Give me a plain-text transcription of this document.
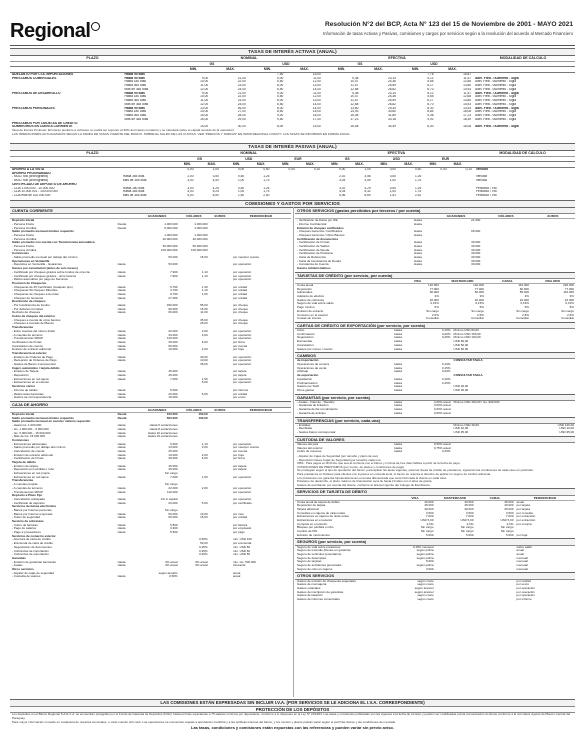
Regional	Resolución N°2 del BCP, Acta N° 123 del 15 de Noviembre de 2001 - MAYO 2021
Información de tasas Activas y Pasivas, comisiones y cargos por servicios según a la resolución del acuerdo al Mercado Financiero
TASAS DE INTERÉS ACTIVAS (ANUAL)
PLAZO	NOMINAL	EFECTIVA	MODALIDAD DE CÁLCULO
GS	USD	GS	USD
MIN.	MAX.	MIN.	MAX.	MIN.	MAX.	MIN.	MAX.
ADELANTO POR CTA. IMPORTACIONES	Hasta 90 días	7,50	15,00	7,76	15,87
PRÉSTAMOS COMERCIALES	Hasta 90 días	9,00	21,00	5,00	11,00	9,38	23,14	5,12	11,57	Adel. Flexi. / Aumento - Sigla
Hasta 180 días	10,00	22,00	5,50	12,00	10,47	24,36	5,65	12,68	Adel. Flexi. / Aumento - Sigla
Hasta 365 días	11,00	23,00	6,00	13,00	11,57	25,59	6,17	13,80	Adel. Flexi. / Aumento - Sigla
Más de 365 días	12,00	24,00	6,50	14,00	12,68	26,82	6,70	14,93	Adel. Flexi. / Aumento - Sigla
PRÉSTAMOS DE DESARROLLO	Hasta 90 días	9,00	21,00	5,00	11,00	9,38	23,14	5,12	11,57	Adel. Flexi. / Aumento - Sigla
Hasta 180 días	10,00	22,00	5,50	12,00	10,47	24,36	5,65	12,68	Adel. Flexi. / Aumento - Sigla
Hasta 365 días	11,00	23,00	6,00	13,00	11,57	25,59	6,17	13,80	Adel. Flexi. / Aumento - Sigla
Más de 365 días	12,00	24,00	6,50	14,00	12,68	26,82	6,70	14,93	Adel. Flexi. / Aumento - Sigla
PRÉSTAMOS PERSONALES	Hasta 90 días	13,00	26,00	8,00	14,00	13,80	29,34	8,30	14,93	Adel. Flexi. / Aumento - Sigla
Hasta 180 días	14,00	27,00	8,50	15,00	14,93	30,60	8,84	16,08	Adel. Flexi. / Aumento - Sigla
Hasta 365 días	15,00	28,00	9,00	16,00	16,08	31,89	9,38	17,23	Adel. Flexi. / Aumento - Sigla
Más de 365 días	16,00	29,00	9,50	17,00	17,23	33,18	9,92	18,39	Adel. Flexi. / Aumento - Sigla
PRÉSTAMOS POR TARJETAS DE CRÉDITO
SOBREGIROS EN CUENTA CORRIENTE	15,00	30,00	8,00	15,00	16,08	34,49	8,30	16,08	Adel. Flexi. / Aumento - Sigla
Tasa de Interés Punitorio: El interés punitorio a cobrarse no podrá ser superior al 30% del interés moratorio y se calculará sobre el capital vencido de la operación.
LAS OPERACIONES ACTUALIZADAS SEGÚN LA TARIFA DE TASAS VIGENTE DEL BANCO. SOBRE EL SALDO DE LAS CUOTAS. VER "PRECIOS Y TARIFAS" EN WWW.REGIONAL.COM.PY. LAS TASAS SE INFORMAN EN FORMA ANUAL.
TASAS DE INTERÉS PASIVAS (ANUAL)
PLAZO	NOMINAL	EFECTIVA	MODALIDAD DE CÁLCULO
GS	USD	EUR	GS	USD	EUR
MIN.	MAX.	MIN.	MAX.	MIN.	MAX.	MIN.	MAX.	MIN.	MAX.	MIN.	MAX.
AHORRO A LA VISTA	0,00	1,00	0,00	0,50	0,00	0,10	0,00	1,00	0,00	0,50	0,00	0,10	Vencido
AHORRO PROGRAMADO
- MOD. MB (cronograma)	Hasta 365 días	2,00	3,50	0,50	1,25	2,02	3,56	0,50	1,26	Vencido
- MOD. MB (cronograma)	Más de 365 días	3,00	4,50	1,00	1,75	3,04	4,59	1,00	1,76	Vencido
CERTIFICADO DE DEPÓSITO DE AHORRO
- CDA 1.000.000 - 10.000.000	Hasta 180 días	3,00	4,25	0,50	1,25	3,02	4,29	0,50	1,26	Periódico / Vto.
- CDA 10.000.001 - 100.000.000	Hasta 365 días	4,00	5,25	1,00	1,75	4,04	5,32	1,00	1,76	Periódico / Vto.
- CDA más de 100.000.000	Más de 365 días	5,00	6,50	1,50	2,50	5,06	6,60	1,51	2,52	Periódico / Vto.
COMISIONES Y GASTOS POR SERVICIOS
CUENTA CORRIENTE
GUARANIES	DÓLARES	EUROS	PERIODICIDAD
Depósito Inicial
- Persona Física	Desde	1.000.000	1.000.000
- Persona Jurídica	Desde	5.000.000	1.000.000
Saldo promedio mensual mínimo requerido
- Persona Física	1.000.000	1.000.000
- Persona Jurídica	20.000.000	20.000.000
Saldo promedio con cuenta con Transferencia automática
- Persona Física	50.000.000	50.000.000
- Persona Jurídica	100.000.000	100.000.000
Comisiones
- Saldo promedio mensual por debajo del mínimo	50.000	15,00	por mes/por cuenta
Operaciones en Ventanilla
- Depósitos en Ventanilla - Guaraníes	Hasta	50.000	por operación
Gastos por cancelación (antes de seis meses)
- Certificado por cheques girados sobre fondos de otra cta.	Hasta	7.900	1,10	por operación
- Certificado por cheques girados - otros bancos	Hasta	7.900	1,10	por operación
- Débito automático por pago de Servicios	por operación
Provisión de Chequeras
- Chequeras de 25 Certificado (cualquier tipo)	Hasta	5.790	1,30	por unidad
- Chequeras 50 cheques Diferidos	Hasta	4.790	1,10	por unidad
- Chequeras de cheques a la orden	Hasta	9.790	1,50	por unidad
- Cheques de Gerencia	Hasta	27.000	por unidad
Devolución de cheques
- Por Insuficiencia de fondos	Hasta	330.000	55,00	por cheque
- Por defectos formales	Hasta	90.000	15,00	por cheque
Rechazo de cheques	Hasta	66.000	11,00	por cheque
Cobro de cheques del exterior
- Cheques a cuenta de otros bancos	35,00	por cheque
- Cheques a cuentas del Banco	25,00	por cheque
Transferencias
- Entre cuentas del mismo titular	Hasta	22.000	2,00	por operación
- A cuentas de terceros	Hasta	33.000	3,00	por operación
- Transferencias SIPAP	Hasta	110.000	por operación
Certificación de firmas	Hasta	39.000	6,00	por firma
Cancelación de cuenta	Hasta	50.000	por cuenta
Emisión de extracto adicional	Hasta	10.000	2,00	por hoja
Transferencia al exterior
- Emisión de Órdenes de Pago	Hasta	40,00	por operación
- Recepción de Órdenes de Pago	Hasta	10,00	por operación
- Gastos de Banco Corresponsal	35,00	por operación
Cajero automático / tarjeta débito
- Emisión de Tarjeta	Hasta	45.000	por tarjeta
- Reposición	Hasta	45.000	por tarjeta
- Extracciones en red ajena	Hasta	7.000	1,50	por operación
- Extracciones en el exterior	5,00	por operación
Servicios varios
- Informe de saldos	Hasta	5.000	por informe
- Referencias bancarias	Hasta	20.000	5,00	por unidad
- Gastos de Correspondencia	Hasta	10.000	por envío
CAJA DE AHORRO
GUARANIES	DÓLARES	EUROS	PERIODICIDAD
Depósito Inicial	Desde	100.000	100,00
Saldo promedio mensual mínimo requerido	Desde	500.000	100,00
Saldo promedio mensual en cuenta / mínimo requerido
- Hasta Gs. 1.000.000	Hasta	Hasta 5 extracciones
- Gs. 1.000.001 - 5.000.000	Hasta	Hasta 8 extracciones
- Gs. 5.000.001 - 15.000.000	Hasta	Hasta 10 extracciones
- Más de Gs. 15.000.000	Hasta	Hasta 15 extracciones
Comisiones
- Extracciones adicionales	Hasta	6.600	1,10	por operación
- Saldo promedio por debajo del mínimo	Hasta	13.000	3,00	por mes/por cuenta
- Cancelación de cuenta	Hasta	25.000	por cuenta
- Emisión de extracto adicional	Hasta	10.000	2,00	por hoja
- Certificación de firmas	Hasta	39.000	6,00	por firma
Tarjeta de débito
- Emisión de tarjeta	Hasta	45.000	por tarjeta
- Reposición por pérdida o robo	Hasta	45.000	por tarjeta
- Extracciones en red propia	Sin cargo
- Extracciones en red ajena	Hasta	7.000	1,50	por operación
Transferencias
- A cuentas propias	Sin cargo
- A cuentas de terceros	Hasta	22.000	2,00	por operación
- Transferencias SIPAP	Hasta	110.000	por operación
Depósito a Plazo Fijo
- Cancelación anticipada	Hasta	1% s/ capital	por operación
- Certificado de depósito	Hasta	20.000	5,00	por certificado
Servicios de banca electrónica
- Banca por Internet personas	Sin cargo
- Banca por Internet empresas	Hasta	50.000	10,00	por mes
- Token de seguridad	Hasta	90.000	15,00	por unidad
Servicio de cobranzas
- Cobro de facturas	Hasta	5.500	por factura
- Pago de salarios	Hasta	3.300	por empleado
- Pago a proveedores	Hasta	5.500	por pago
Servicios de comercio exterior
- Apertura de carta de crédito	0,50%	mín. USD 100
- Enmienda de carta de crédito	50,00	por enmienda
- Negociación de documentos	0,25%	mín. USD 80
- Cobranzas de importación	0,25%	mín. USD 60
- Cobranzas de exportación	0,20%	mín. USD 50
Garantías
- Emisión de garantías bancarias	Hasta	3% anual	3% anual	mín. Gs. 500.000
- Avales	Hasta	3% anual	3% anual	trimestral
Otros servicios
- Alquiler de cajas de seguridad	según tamaño	anual
- Custodia de valores	Hasta	0,50%	anual
OTROS SERVICIOS (gastos percibidos por terceros / por cuenta)
GUARANIES	DÓLARES	EUROS
- Verificación de Datos por IFE	Hasta	21.000
- Informe Confidencial	Hasta
Emisión de cheques certificados
- Cheques Gerencia / Certificados	Hasta	66.000
- Cheques Gerencia / Otros Bancos	Hasta
Certificación de documentos
- Certificación de Firmas	Hasta	39.000
- Certificación de Saldos	Hasta	39.000
- Certificación de Deuda	Hasta	39.000
- Certificación de Préstamo	Hasta	39.000
- Carta de Referencia	Hasta	39.000
- Carta de Inexistencia de Deuda	Hasta	39.000
- Constancia de Cuenta	Hasta	39.000
Gastos Administrativos
TARJETAS DE CRÉDITO (por servicio, por cuenta)
VISA	MASTERCARD	CABAL	VISA ORO
Cuota anual	132.000	132.000	110.000	220.000
Reposición	77.000	77.000	66.000	77.000
Adicionales	66.000	66.000	55.000	110.000
Adelanto de efectivo	3%	3%	3%	3%
Gastos de cobranza	22.000	22.000	22.000	22.000
Seguro de vida sobre saldo	0,15%	0,15%	0,15%	0,15%
Pago mínimo	5%	5%	5%	5%
Emisión de extracto	Sin cargo	Sin cargo	Sin cargo	Sin cargo
Consumo en el exterior	2,5%	2,5%	2,5%	2,5%
Cuotas sin interés	Consultar	Consultar	Consultar	Consultar
CARTAS DE CRÉDITO DE EXPORTACIÓN (por servicio, por cuenta)
Aviso	Hasta	0,15%	Mínimo USD 60,00
Confirmación	Hasta	0,20%	Mínimo USD 150,00
Negociación	Hasta	0,25%	Mínimo USD 100,00
Enmiendas	Hasta	USD 60,00
Cancelación	Hasta	USD 50,00
Gastos por correo / courier	Hasta	USD 60,00
CAMBIOS
de importación	CONSULTAR TABLA
Operaciones de compra	Hasta	0,10%
Operaciones de venta	Hasta	0,15%
Arbitraje	Hasta	0,20%
de exportación	CONSULTAR TABLA
Liquidación	Hasta	0,10%
Prefinanciación	Hasta	0,25%
Gastos por Swift	Hasta	USD 20,00
Otros gastos	Hasta	USD 30,00
GARANTÍAS (por servicio, por cuenta)
- Avales - Fianzas - Standby	Hasta	4,00% anual	Mínimo USD 150,00 / Gs. 900.000
- Garantías de licitación	Hasta	3,00% anual
- Garantía de fiel cumplimiento	Hasta	3,00% anual
- Garantía de anticipo	Hasta	3,00% anual
TRANSFERENCIAS (por servicio, cada una)
- Emitidas	Mínimo USD 40,00	USD 120,00
- Recibidas	USD 10,00	USD 10,00
- Gastos banco corresponsal	USD 35,00	USD 35,00
CUSTODIA DE VALORES
Valores del país	Hasta	0,50% anual
Valores del exterior	Hasta	0,75% anual
Cobro de cupones	Hasta	0,25%
- Alquiler de Cajas de Seguridad (por tamaño y plazo de uso)
- Reposición llaves Cajas de Seguridad (por tamaño) cada una
OBS.: Para pagos en ROC/AL que sea al corriente con el banco y mínima de tres días hábiles a partir de la fecha de pago.
CONDICIONES DE PRÉSTAMOS (por monto, de plazos y condiciones de pago)
Se privilegian seguir el tipo de operación del banco, para aplicar las tasas vigentes, para las líneas de crédito de préstamos, siguiendo las condiciones de cada caso en particular.
Para préstamos en Dólares para clientes con ingresos en moneda local, el banco se reserva el derecho de aplicar un seguro de cambio adicional.
Los préstamos con garantía hipotecaria tienen una tasa diferenciada que será informada al cliente en cada caso.
Préstamo de desarrollo, el plazo máximo de financiación será de hasta 10 años con 2 años de gracia.
Gastos de escribanía: por cuenta del cliente, conforme al arancel vigente del Colegio de Escribanos.
SERVICIOS DE TARJETA DE DÉBITO
VISA	MASTERCARD	CABAL	PERIODICIDAD
Cuota anual de tarjeta de débito	40.000	40.000	35.000	anual
Reposición de tarjeta	45.000	45.000	40.000	por tarjeta
Tarjeta adicional	30.000	30.000	25.000	por tarjeta
Consultas en cajeros de otras redes	3.500	3.500	3.500	por consulta
Extracciones en cajeros de otras redes	7.000	7.000	7.000	por extracción
Extracciones en el exterior	USD 5,00	USD 5,00	USD 5,00	por extracción
Compras en el exterior	2,5%	2,5%	2,5%	por compra
Bloqueo por pérdida o robo	Sin cargo	Sin cargo	Sin cargo
Cambio de PIN	Sin cargo	Sin cargo	Sin cargo
Extracto de movimientos	5.000	5.000	5.000	por hoja
SEGUROS (por servicio, por cuenta)
Seguro de vida sobre préstamos	0,15% mensual	sobre saldo
Seguro de incendio (bienes en garantía)	según póliza	anual
Seguro de vehículos (prendarios)	según póliza	anual
Seguro de desempleo	según póliza	mensual
Seguro de tarjetas	5.000	mensual
Seguro de accidentes personales	según póliza	mensual
Seguro de robo en cajeros	3.000	mensual
OTROS SERVICIOS
Gastos de emisión de chequeras especiales	según costo	por unidad
Gastos de mensajería	según costo	por envío
Gastos notariales	según arancel	por operación
Gastos de inscripción de garantías	según arancel	por operación
Gastos de tasación	según costo	por operación
Gastos de informes comerciales	según costo	por informe
LAS COMISIONES ESTÁN EXPRESADAS SIN INCLUIR I.V.A. (POR SERVICIOS SE LE ADICIONA EL I.V.A. CORRESPONDIENTE)
PROTECCIÓN DE LOS DEPÓSITOS
Los depósitos en el Banco Regional S.A.E.C.A. se encuentran protegidos por el Fondo de Garantía de Depósitos (FGD), hasta el límite equivalente a 75 salarios mínimos por depositante, conforme a lo dispuesto en la Ley N° 2334/03. Las tasas y comisiones publicadas son las vigentes a la fecha de emisión y pueden ser modificadas previa comunicación al cliente conforme a la normativa vigente del Banco Central del Paraguay.
Para mayor información consulte en cualquiera de nuestras sucursales, o visite nuestro sitio web. Las operaciones se encuentran sujetas a aprobación crediticia y a las políticas internas del banco, y los montos y plazos podrán variar según el perfil del cliente y las condiciones de mercado.
Las tasas, condiciones y comisiones están expuestas con las referencias y pueden variar sin previo aviso.
